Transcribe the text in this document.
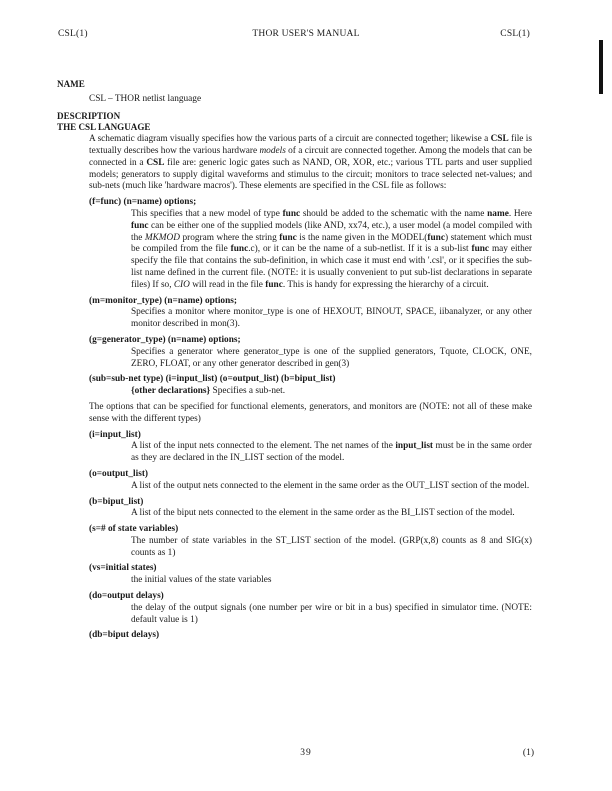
CSL(1)	THOR USER'S MANUAL	CSL(1)
NAME
CSL – THOR netlist language
DESCRIPTION
THE CSL LANGUAGE
A schematic diagram visually specifies how the various parts of a circuit are connected together; likewise a CSL file is textually describes how the various hardware models of a circuit are connected together. Among the models that can be connected in a CSL file are: generic logic gates such as NAND, OR, XOR, etc.; various TTL parts and user supplied models; generators to supply digital waveforms and stimulus to the circuit; monitors to trace selected net-values; and sub-nets (much like 'hardware macros'). These elements are specified in the CSL file as follows:
(f=func) (n=name) options;
This specifies that a new model of type func should be added to the schematic with the name name. Here func can be either one of the supplied models (like AND, xx74, etc.), a user model (a model compiled with the MKMOD program where the string func is the name given in the MODEL(func) statement which must be compiled from the file func.c), or it can be the name of a sub-netlist. If it is a sub-list func may either specify the file that contains the sub-definition, in which case it must end with '.csl', or it specifies the sub-list name defined in the current file. (NOTE: it is usually convenient to put sub-list declarations in separate files) If so, CIO will read in the file func. This is handy for expressing the hierarchy of a circuit.
(m=monitor_type) (n=name) options;
Specifies a monitor where monitor_type is one of HEXOUT, BINOUT, SPACE, iibanalyzer, or any other monitor described in mon(3).
(g=generator_type) (n=name) options;
Specifies a generator where generator_type is one of the supplied generators, Tquote, CLOCK, ONE, ZERO, FLOAT, or any other generator described in gen(3)
(sub=sub-net type) (i=input_list) (o=output_list) (b=biput_list)
{other declarations} Specifies a sub-net.
The options that can be specified for functional elements, generators, and monitors are (NOTE: not all of these make sense with the different types)
(i=input_list)
A list of the input nets connected to the element. The net names of the input_list must be in the same order as they are declared in the IN_LIST section of the model.
(o=output_list)
A list of the output nets connected to the element in the same order as the OUT_LIST section of the model.
(b=biput_list)
A list of the biput nets connected to the element in the same order as the BI_LIST section of the model.
(s=# of state variables)
The number of state variables in the ST_LIST section of the model. (GRP(x,8) counts as 8 and SIG(x) counts as 1)
(vs=initial states)
the initial values of the state variables
(do=output delays)
the delay of the output signals (one number per wire or bit in a bus) specified in simulator time. (NOTE: default value is 1)
(db=biput delays)
39	(1)
